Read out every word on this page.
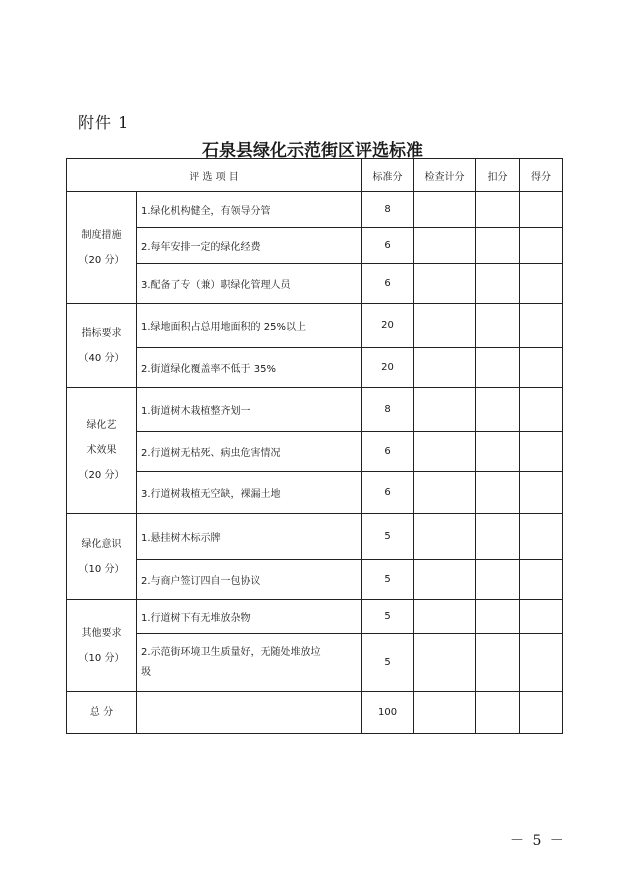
附件 1
石泉县绿化示范街区评选标准
评 选 项 目		标准分	检查计分	扣分	得分

制度措施
（20 分）	1.绿化机构健全，有领导分管	8			
	2.每年安排一定的绿化经费	6			
	3.配备了专（兼）职绿化管理人员	6			

指标要求
（40 分）	1.绿地面积占总用地面积的 25%以上	20			
	2.街道绿化覆盖率不低于 35%	20			

绿化艺
术效果
（20 分）	1.街道树木栽植整齐划一	8			
	2.行道树无枯死、病虫危害情况	6			
	3.行道树栽植无空缺，裸漏土地	6			

绿化意识
（10 分）	1.悬挂树木标示牌	5			
	2.与商户签订四自一包协议	5			

其他要求
（10 分）	1.行道树下有无堆放杂物	5			

	2.示范街环境卫生质量好，无随处堆放垃
圾	5			
总 分		100			
－ 5 －
